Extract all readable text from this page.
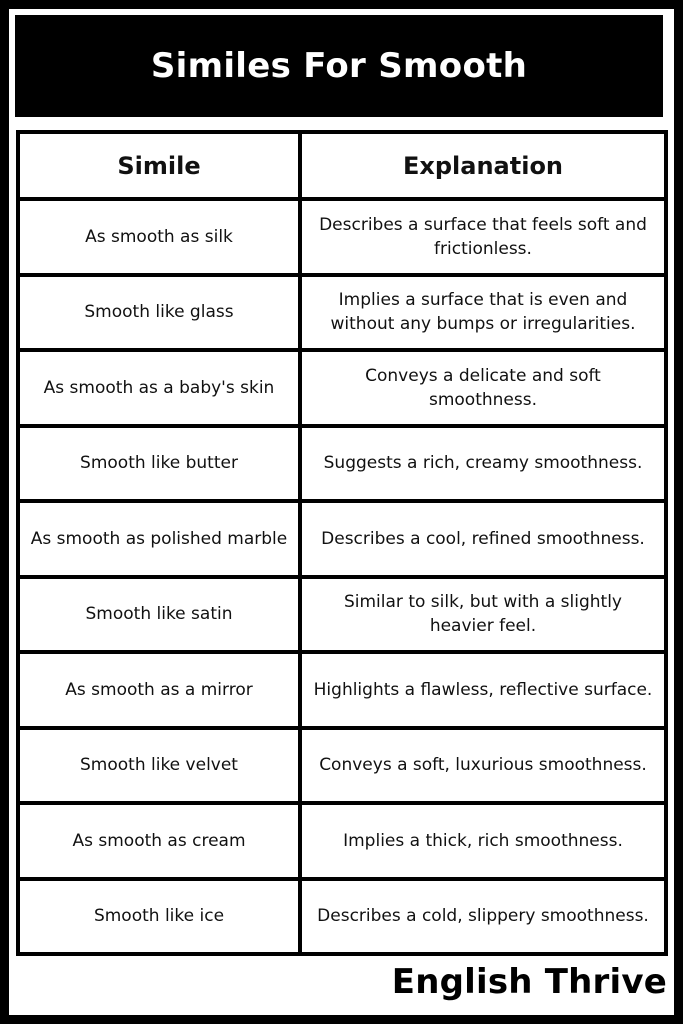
Similes For Smooth
Simile	Explanation
As smooth as silk	Describes a surface that feels soft and frictionless.
Smooth like glass	Implies a surface that is even and without any bumps or irregularities.
As smooth as a baby's skin	Conveys a delicate and soft smoothness.
Smooth like butter	Suggests a rich, creamy smoothness.
As smooth as polished marble	Describes a cool, refined smoothness.
Smooth like satin	Similar to silk, but with a slightly heavier feel.
As smooth as a mirror	Highlights a flawless, reflective surface.
Smooth like velvet	Conveys a soft, luxurious smoothness.
As smooth as cream	Implies a thick, rich smoothness.
Smooth like ice	Describes a cold, slippery smoothness.
English Thrive
